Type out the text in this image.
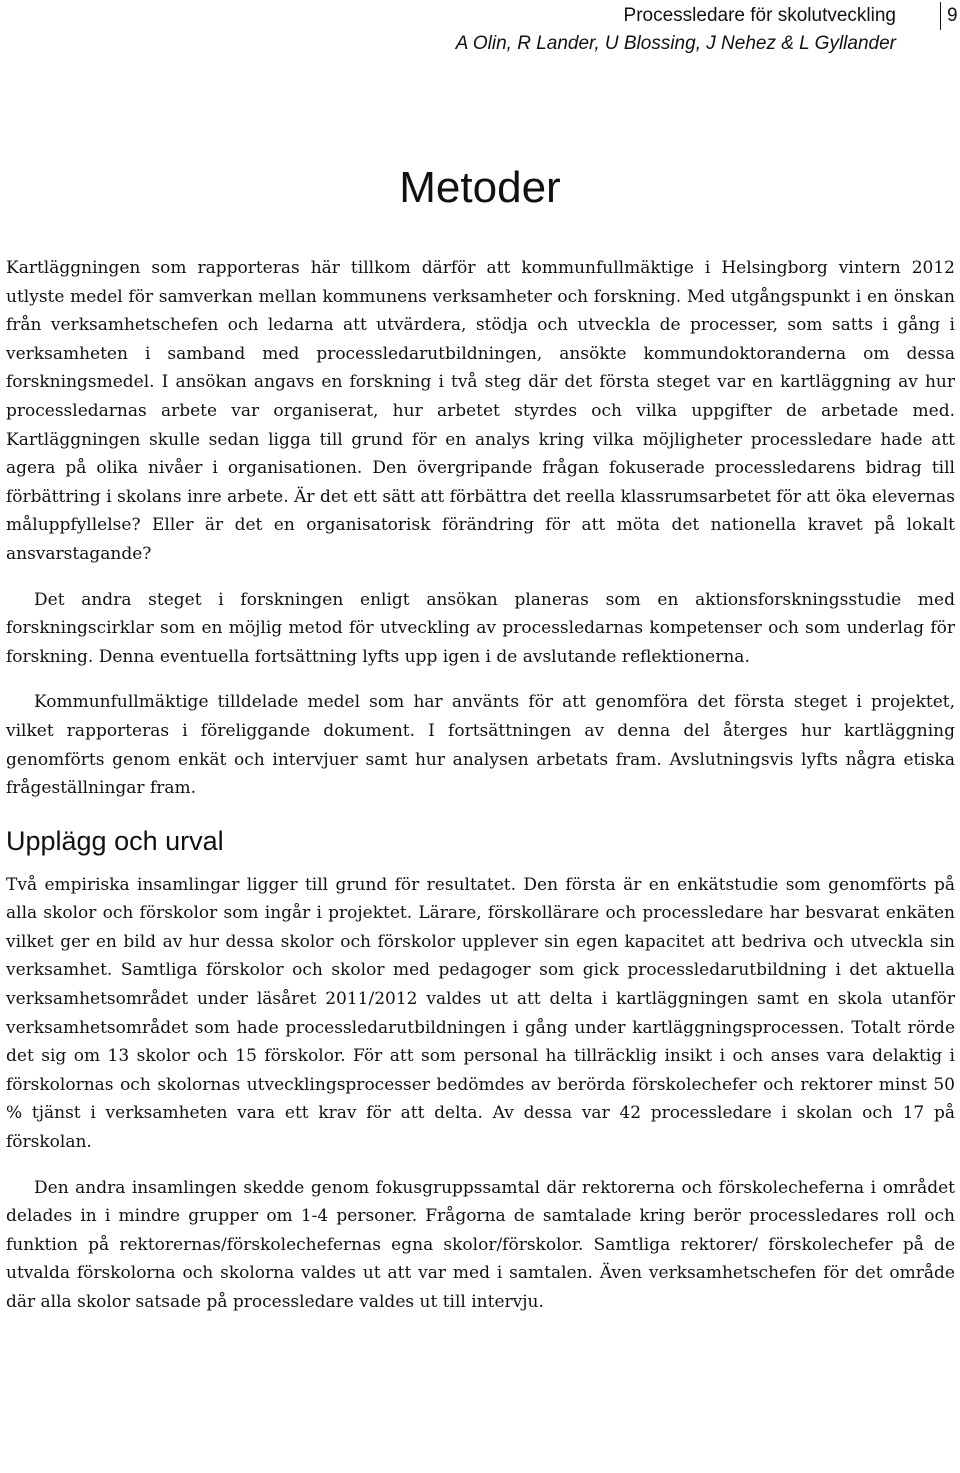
Processledare för skolutveckling
A Olin, R Lander, U Blossing, J Nehez & L Gyllander
9
Metoder

Kartläggningen som rapporteras här tillkom därför att kommunfullmäktige i Helsingborg vintern 2012 utlyste medel för samverkan mellan kommunens verksamheter och forskning. Med utgångspunkt i en önskan från verksamhetschefen och ledarna att utvärdera, stödja och utveckla de processer, som satts i gång i verksamheten i samband med processledarutbildningen, ansökte kommundoktoranderna om dessa forskningsmedel. I ansökan angavs en forskning i två steg där det första steget var en kartläggning av hur processledarnas arbete var organiserat, hur arbetet styrdes och vilka uppgifter de arbetade med. Kartläggningen skulle sedan ligga till grund för en analys kring vilka möjligheter processledare hade att agera på olika nivåer i organisationen. Den övergripande frågan fokuserade processledarens bidrag till förbättring i skolans inre arbete. Är det ett sätt att förbättra det reella klassrumsarbetet för att öka elevernas måluppfyllelse? Eller är det en organisatorisk förändring för att möta det nationella kravet på lokalt ansvarstagande?

Det andra steget i forskningen enligt ansökan planeras som en aktionsforskningsstudie med forskningscirklar som en möjlig metod för utveckling av processledarnas kompetenser och som underlag för forskning. Denna eventuella fortsättning lyfts upp igen i de avslutande reflektionerna.

Kommunfullmäktige tilldelade medel som har använts för att genomföra det första steget i projektet, vilket rapporteras i föreliggande dokument. I fortsättningen av denna del återges hur kartläggning genomförts genom enkät och intervjuer samt hur analysen arbetats fram. Avslutningsvis lyfts några etiska frågeställningar fram.

Upplägg och urval

Två empiriska insamlingar ligger till grund för resultatet. Den första är en enkätstudie som genomförts på alla skolor och förskolor som ingår i projektet. Lärare, förskollärare och processledare har besvarat enkäten vilket ger en bild av hur dessa skolor och förskolor upplever sin egen kapacitet att bedriva och utveckla sin verksamhet. Samtliga förskolor och skolor med pedagoger som gick processledarutbildning i det aktuella verksamhetsområdet under läsåret 2011/2012 valdes ut att delta i kartläggningen samt en skola utanför verksamhetsområdet som hade processledarutbildningen i gång under kartläggningsprocessen. Totalt rörde det sig om 13 skolor och 15 förskolor. För att som personal ha tillräcklig insikt i och anses vara delaktig i förskolornas och skolornas utvecklingsprocesser bedömdes av berörda förskolechefer och rektorer minst 50 % tjänst i verksamheten vara ett krav för att delta. Av dessa var 42 processledare i skolan och 17 på förskolan.

Den andra insamlingen skedde genom fokusgruppssamtal där rektorerna och förskolecheferna i området delades in i mindre grupper om 1-4 personer. Frågorna de samtalade kring berör processledares roll och funktion på rektorernas/förskolechefernas egna skolor/förskolor. Samtliga rektorer/ förskolechefer på de utvalda förskolorna och skolorna valdes ut att var med i samtalen. Även verksamhetschefen för det område där alla skolor satsade på processledare valdes ut till intervju.
